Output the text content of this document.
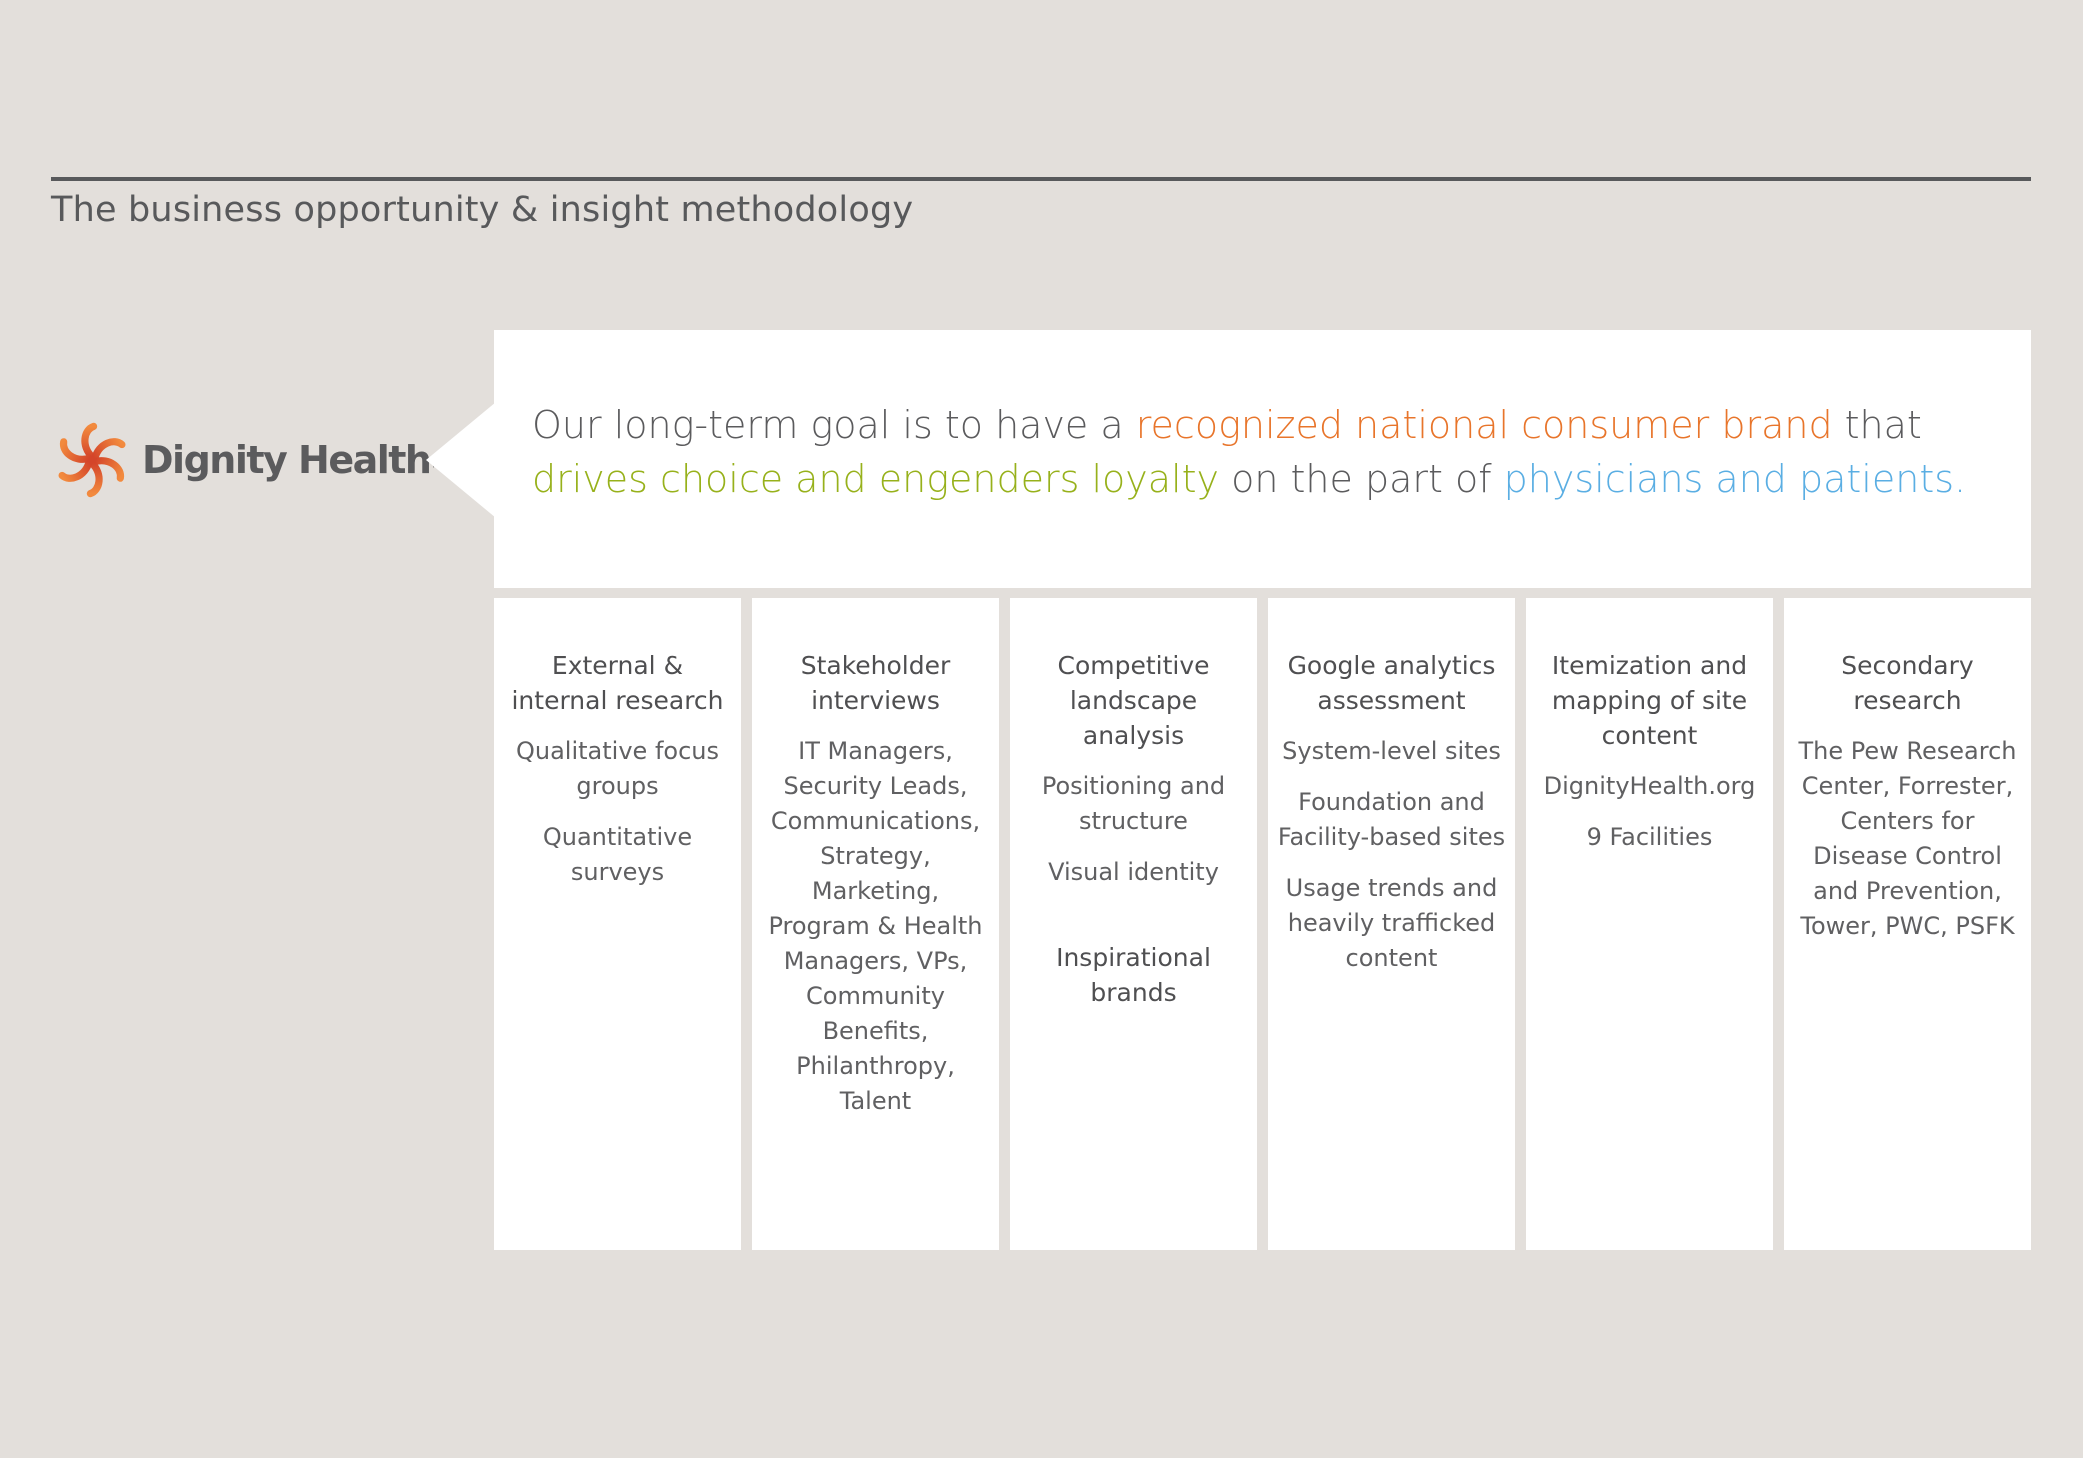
The business opportunity & insight methodology
Dignity Health™
Our long-term goal is to have a recognized national consumer brand that
drives choice and engenders loyalty on the part of physicians and patients.
External & internal research
Qualitative focus groups
Quantitative surveys
Stakeholder interviews
IT Managers, Security Leads, Communications, Strategy, Marketing, Program & Health Managers, VPs, Community Benefits, Philanthropy, Talent
Competitive landscape analysis
Positioning and structure
Visual identity
Inspirational brands
Google analytics assessment
System-level sites
Foundation and Facility-based sites
Usage trends and heavily trafficked content
Itemization and mapping of site content
DignityHealth.org
9 Facilities
Secondary research
The Pew Research Center, Forrester, Centers for Disease Control and Prevention, Tower, PWC, PSFK
